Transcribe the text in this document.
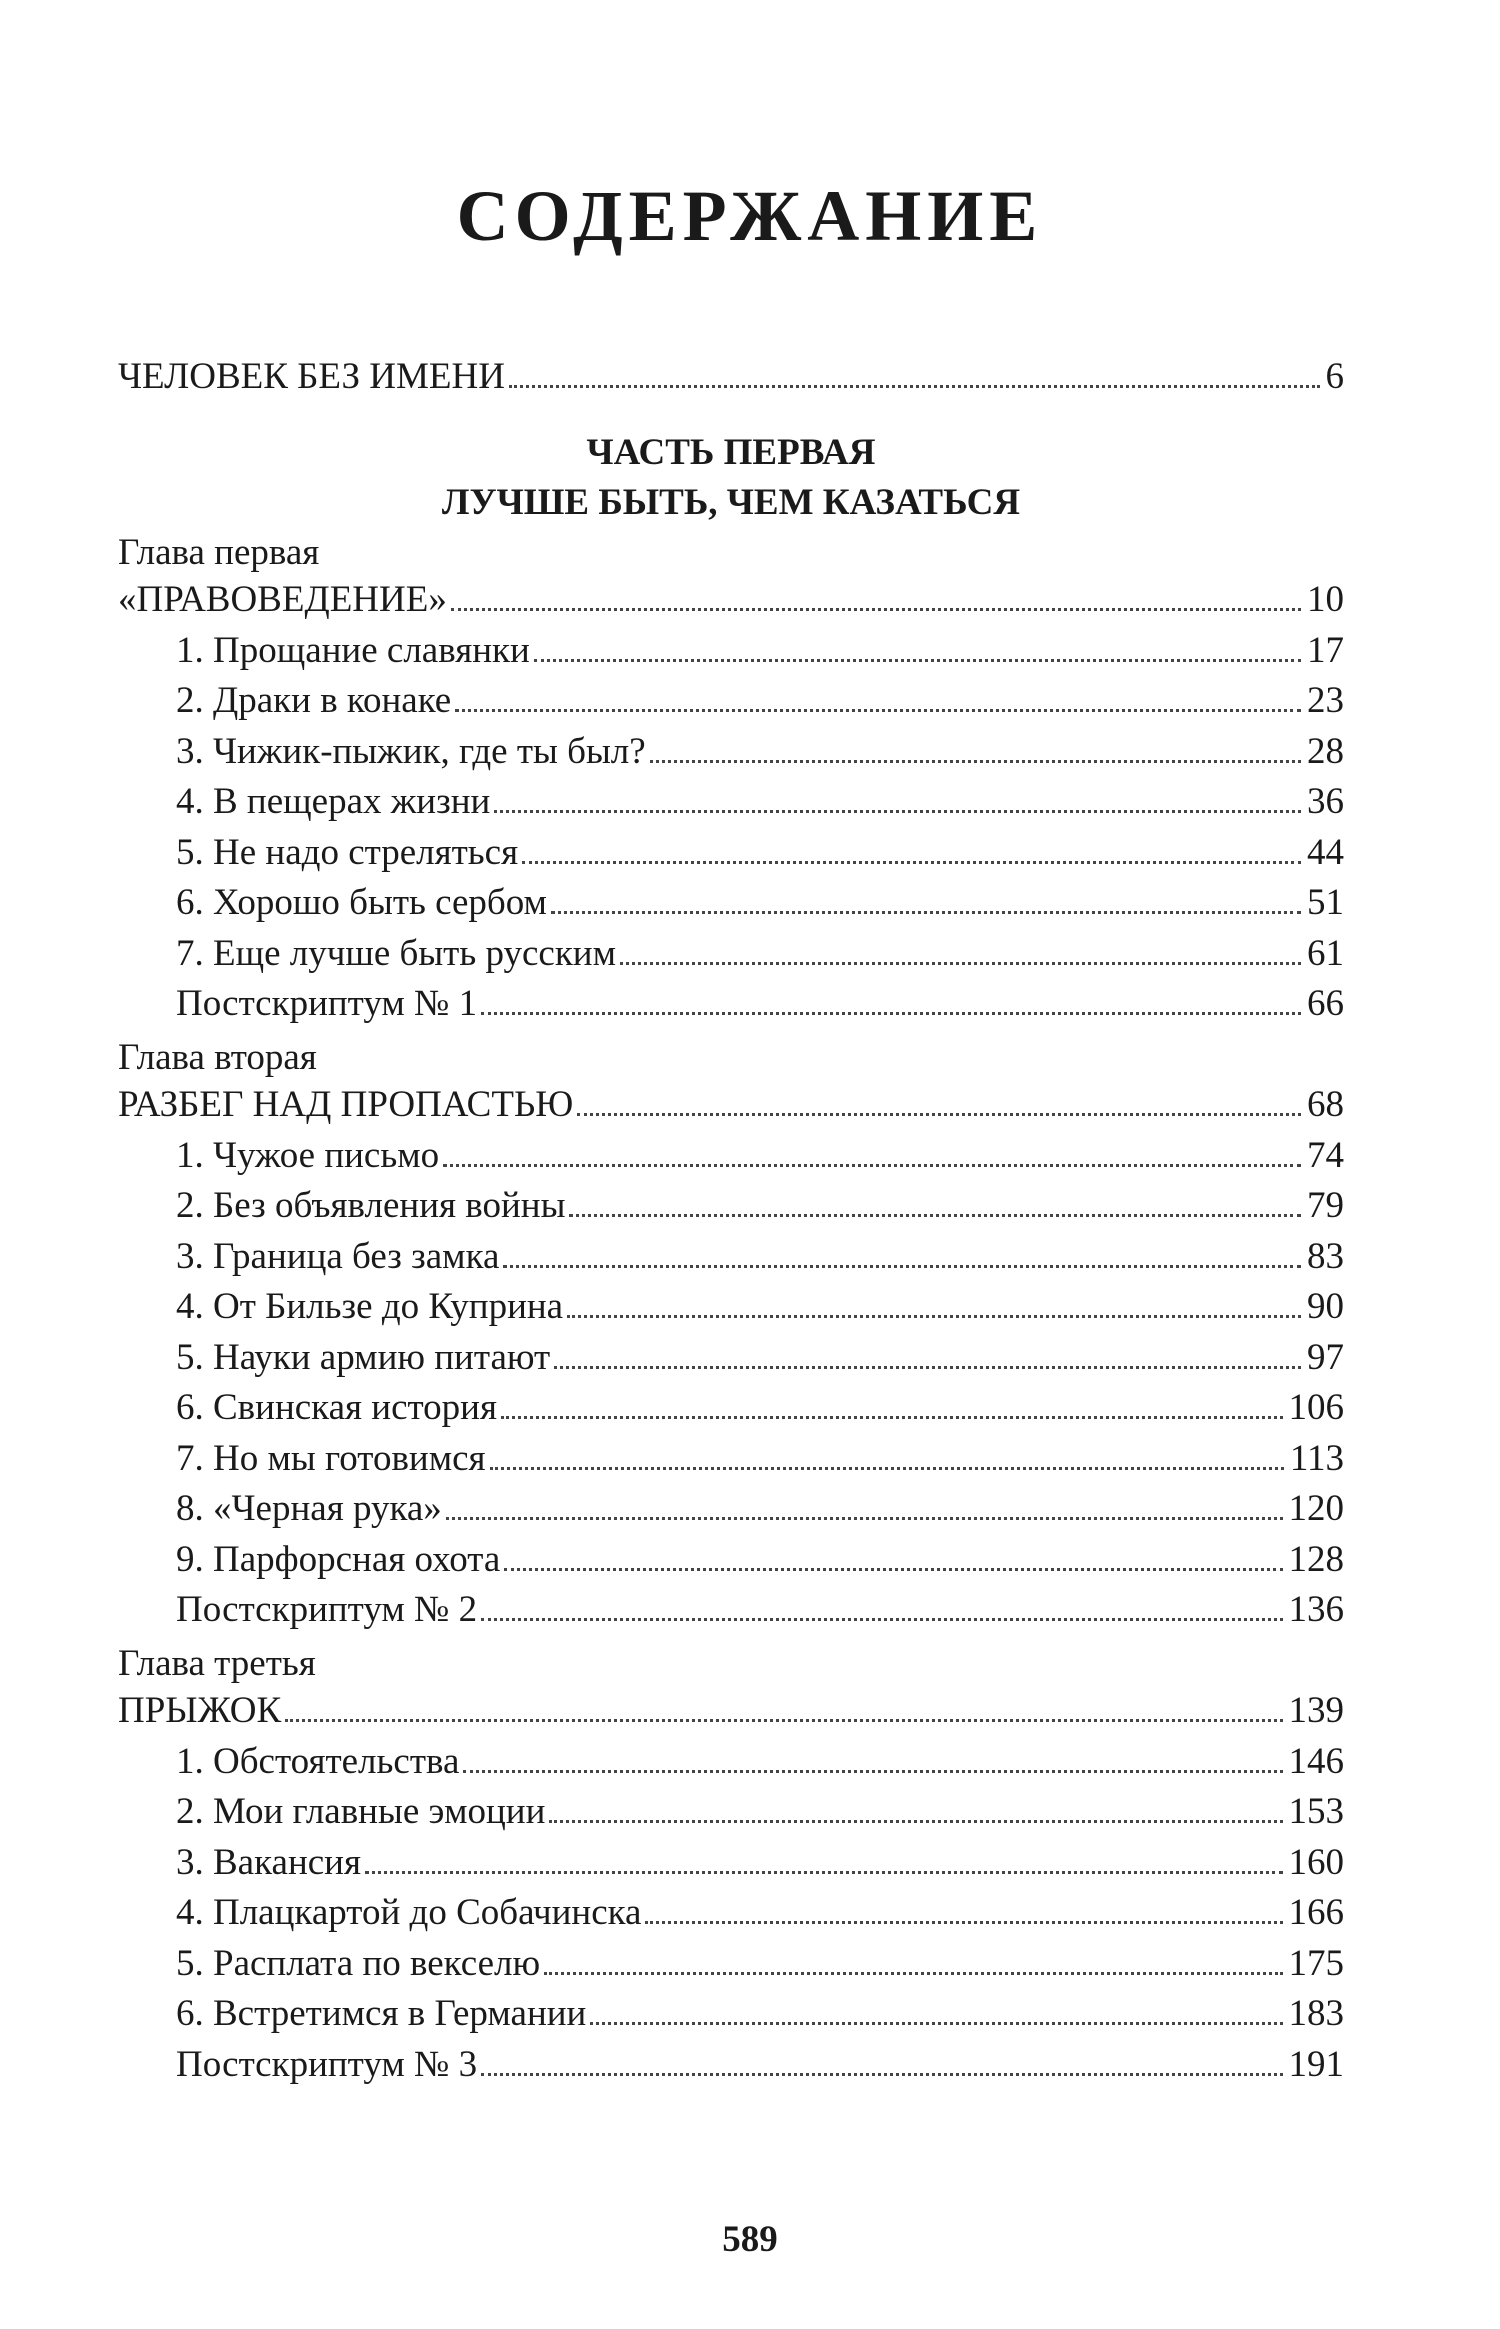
СОДЕРЖАНИЕ
ЧЕЛОВЕК БЕЗ ИМЕНИ	6
ЧАСТЬ ПЕРВАЯ
ЛУЧШЕ БЫТЬ, ЧЕМ КАЗАТЬСЯ
Глава первая
«ПРАВОВЕДЕНИЕ»	10
1. Прощание славянки	17
2. Драки в конаке	23
3. Чижик-пыжик, где ты был?	28
4. В пещерах жизни	36
5. Не надо стреляться	44
6. Хорошо быть сербом	51
7. Еще лучше быть русским	61
Постскриптум № 1	66
Глава вторая
РАЗБЕГ НАД ПРОПАСТЬЮ	68
1. Чужое письмо	74
2. Без объявления войны	79
3. Граница без замка	83
4. От Бильзе до Куприна	90
5. Науки армию питают	97
6. Свинская история	106
7. Но мы готовимся	113
8. «Черная рука»	120
9. Парфорсная охота	128
Постскриптум № 2	136
Глава третья
ПРЫЖОК	139
1. Обстоятельства	146
2. Мои главные эмоции	153
3. Вакансия	160
4. Плацкартой до Собачинска	166
5. Расплата по векселю	175
6. Встретимся в Германии	183
Постскриптум № 3	191
589
